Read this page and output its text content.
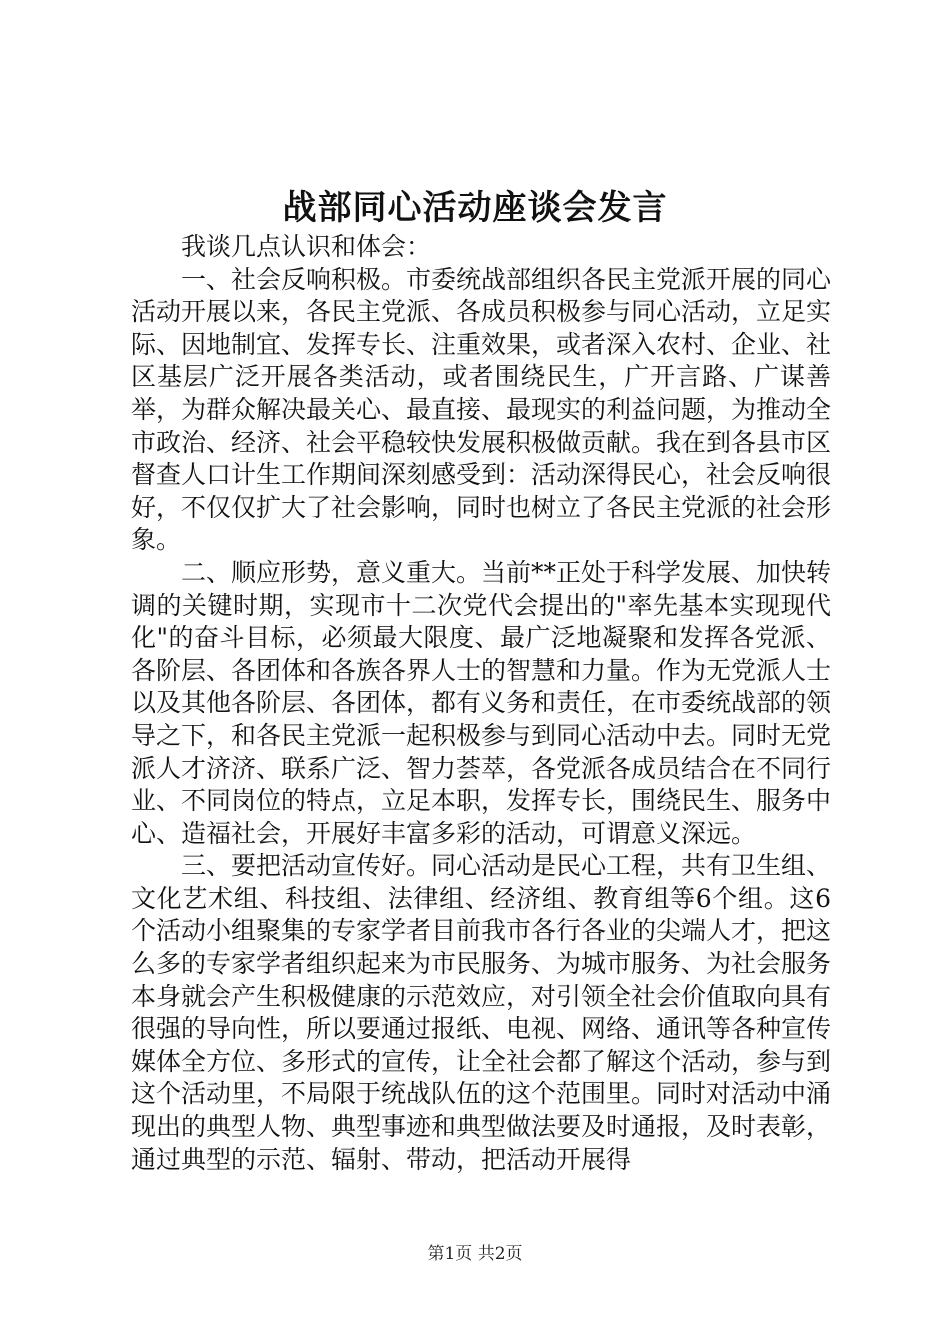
战部同心活动座谈会发言

我谈几点认识和体会：

一、社会反响积极。市委统战部组织各民主党派开展的同心活动开展以来，各民主党派、各成员积极参与同心活动，立足实际、因地制宜、发挥专长、注重效果，或者深入农村、企业、社区基层广泛开展各类活动，或者围绕民生，广开言路、广谋善举，为群众解决最关心、最直接、最现实的利益问题，为推动全市政治、经济、社会平稳较快发展积极做贡献。我在到各县市区督查人口计生工作期间深刻感受到：活动深得民心，社会反响很好，不仅仅扩大了社会影响，同时也树立了各民主党派的社会形象。

二、顺应形势，意义重大。当前**正处于科学发展、加快转调的关键时期，实现市十二次党代会提出的"率先基本实现现代化"的奋斗目标，必须最大限度、最广泛地凝聚和发挥各党派、各阶层、各团体和各族各界人士的智慧和力量。作为无党派人士以及其他各阶层、各团体，都有义务和责任，在市委统战部的领导之下，和各民主党派一起积极参与到同心活动中去。同时无党派人才济济、联系广泛、智力荟萃，各党派各成员结合在不同行业、不同岗位的特点，立足本职，发挥专长，围绕民生、服务中心、造福社会，开展好丰富多彩的活动，可谓意义深远。

三、要把活动宣传好。同心活动是民心工程，共有卫生组、文化艺术组、科技组、法律组、经济组、教育组等6个组。这6个活动小组聚集的专家学者目前我市各行各业的尖端人才，把这么多的专家学者组织起来为市民服务、为城市服务、为社会服务本身就会产生积极健康的示范效应，对引领全社会价值取向具有很强的导向性，所以要通过报纸、电视、网络、通讯等各种宣传媒体全方位、多形式的宣传，让全社会都了解这个活动，参与到这个活动里，不局限于统战队伍的这个范围里。同时对活动中涌现出的典型人物、典型事迹和典型做法要及时通报，及时表彰，通过典型的示范、辐射、带动，把活动开展得

第1页 共2页
